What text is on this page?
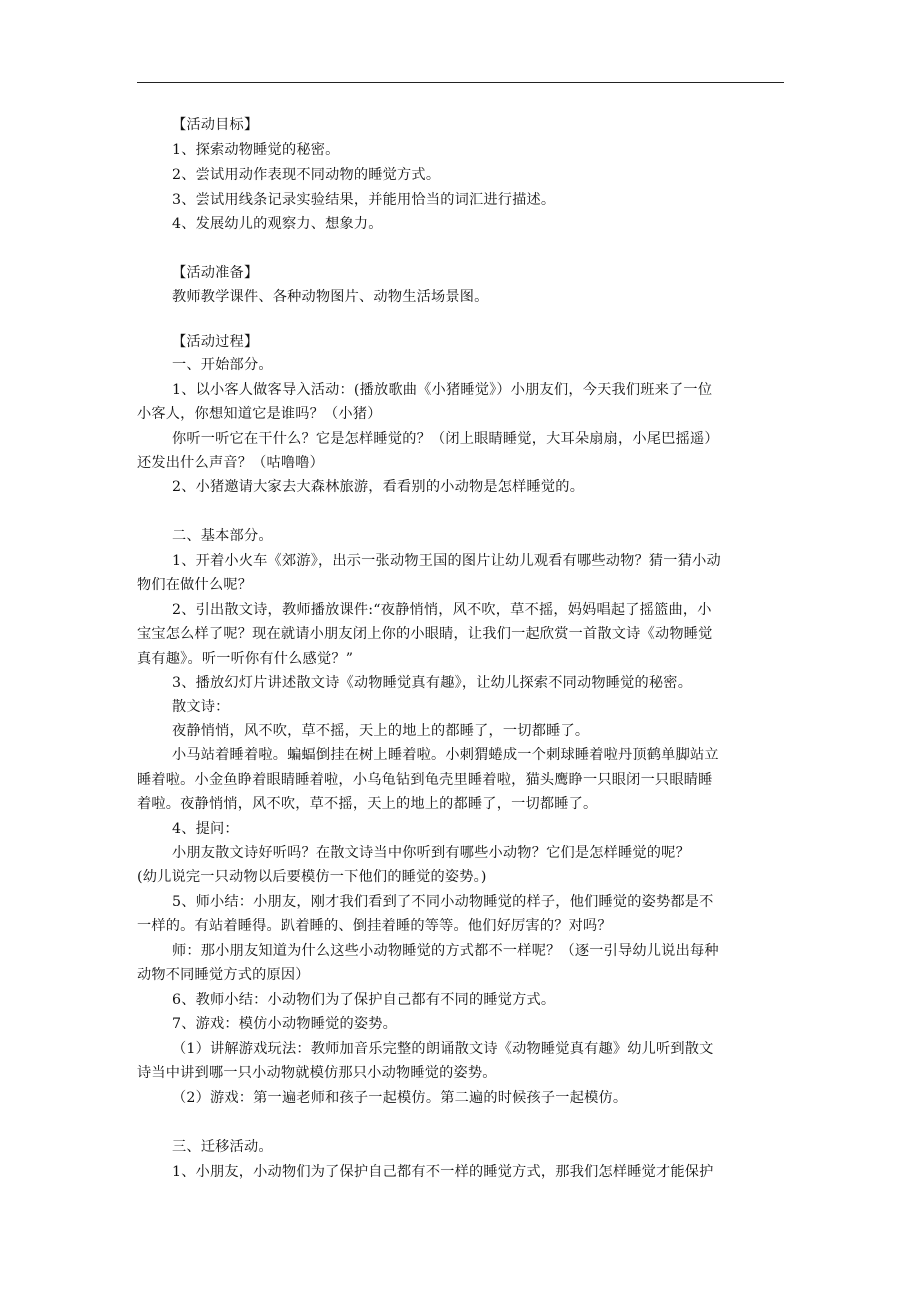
【活动目标】
1、探索动物睡觉的秘密。
2、尝试用动作表现不同动物的睡觉方式。
3、尝试用线条记录实验结果，并能用恰当的词汇进行描述。
4、发展幼儿的观察力、想象力。
【活动准备】
教师教学课件、各种动物图片、动物生活场景图。
【活动过程】
一、开始部分。
1、以小客人做客导入活动：(播放歌曲《小猪睡觉》）小朋友们，今天我们班来了一位
小客人，你想知道它是谁吗？（小猪）
你听一听它在干什么？它是怎样睡觉的？（闭上眼睛睡觉，大耳朵扇扇，小尾巴摇遥）
还发出什么声音？（咕噜噜）
2、小猪邀请大家去大森林旅游，看看别的小动物是怎样睡觉的。
二、基本部分。
1、开着小火车《郊游》，出示一张动物王国的图片让幼儿观看有哪些动物？猜一猜小动
物们在做什么呢？
2、引出散文诗，教师播放课件:“夜静悄悄，风不吹，草不摇，妈妈唱起了摇篮曲，小
宝宝怎么样了呢？现在就请小朋友闭上你的小眼睛，让我们一起欣赏一首散文诗《动物睡觉
真有趣》。听一听你有什么感觉？”
3、播放幻灯片讲述散文诗《动物睡觉真有趣》，让幼儿探索不同动物睡觉的秘密。
散文诗：
夜静悄悄，风不吹，草不摇，天上的地上的都睡了，一切都睡了。
小马站着睡着啦。蝙蝠倒挂在树上睡着啦。小刺猬蜷成一个刺球睡着啦丹顶鹤单脚站立
睡着啦。小金鱼睁着眼睛睡着啦，小乌龟钻到龟壳里睡着啦，猫头鹰睁一只眼闭一只眼睛睡
着啦。夜静悄悄，风不吹，草不摇，天上的地上的都睡了，一切都睡了。
4、提问：
小朋友散文诗好听吗？在散文诗当中你听到有哪些小动物？它们是怎样睡觉的呢？
(幼儿说完一只动物以后要模仿一下他们的睡觉的姿势。)
5、师小结：小朋友，刚才我们看到了不同小动物睡觉的样子，他们睡觉的姿势都是不
一样的。有站着睡得。趴着睡的、倒挂着睡的等等。他们好厉害的？对吗？
师：那小朋友知道为什么这些小动物睡觉的方式都不一样呢？（逐一引导幼儿说出每种
动物不同睡觉方式的原因）
6、教师小结：小动物们为了保护自己都有不同的睡觉方式。
7、游戏：模仿小动物睡觉的姿势。
（1）讲解游戏玩法：教师加音乐完整的朗诵散文诗《动物睡觉真有趣》幼儿听到散文
诗当中讲到哪一只小动物就模仿那只小动物睡觉的姿势。
（2）游戏：第一遍老师和孩子一起模仿。第二遍的时候孩子一起模仿。
三、迁移活动。
1、小朋友，小动物们为了保护自己都有不一样的睡觉方式，那我们怎样睡觉才能保护
